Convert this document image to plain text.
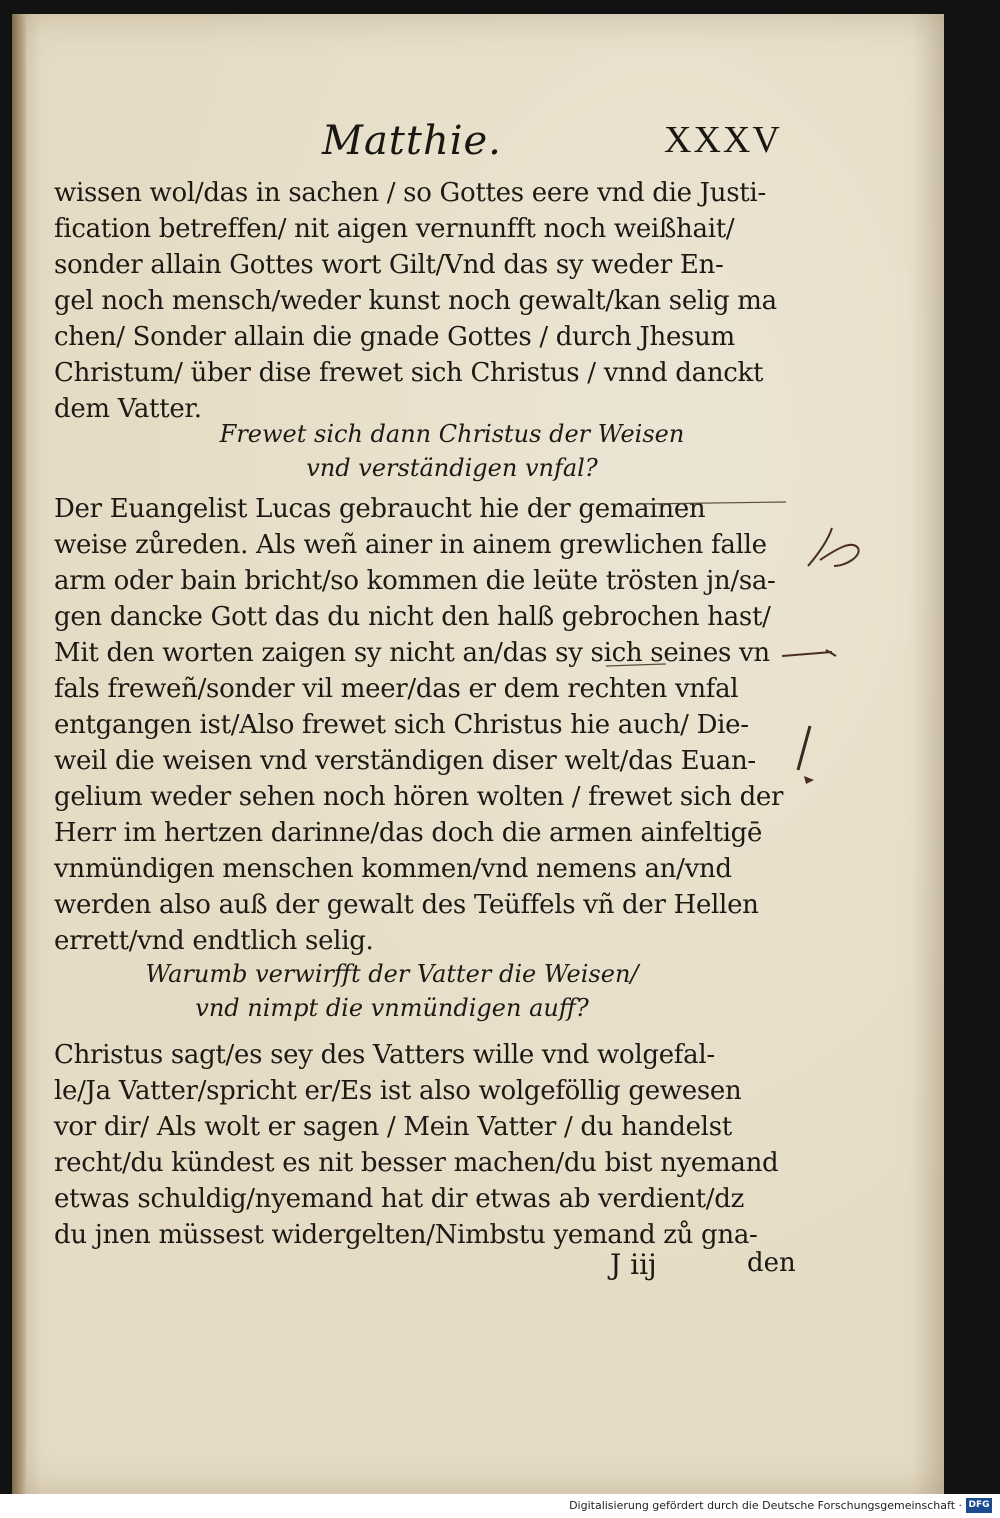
Matthie.	XXXV
wissen wol/das in sachen / so Gottes eere vnd die Justi-
fication betreffen/ nit aigen vernunfft noch weißhait/
sonder allain Gottes wort Gilt/Vnd das sy weder En-
gel noch mensch/weder kunst noch gewalt/kan selig ma
chen/ Sonder allain die gnade Gottes / durch Jhesum
Christum/ über dise frewet sich Christus / vnnd danckt
dem Vatter.
Frewet sich dann Christus der Weisen
vnd verständigen vnfal?
Der Euangelist Lucas gebraucht hie der gemainen
weise zůreden. Als weñ ainer in ainem grewlichen falle
arm oder bain bricht/so kommen die leüte trösten jn/sa-
gen dancke Gott das du nicht den halß gebrochen hast/
Mit den worten zaigen sy nicht an/das sy sich seines vn
fals freweñ/sonder vil meer/das er dem rechten vnfal
entgangen ist/Also frewet sich Christus hie auch/ Die-
weil die weisen vnd verständigen diser welt/das Euan-
gelium weder sehen noch hören wolten / frewet sich der
Herr im hertzen darinne/das doch die armen ainfeltigē
vnmündigen menschen kommen/vnd nemens an/vnd
werden also auß der gewalt des Teüffels vñ der Hellen
errett/vnd endtlich selig.
Warumb verwirfft der Vatter die Weisen/
vnd nimpt die vnmündigen auff?
Christus sagt/es sey des Vatters wille vnd wolgefal-
le/Ja Vatter/spricht er/Es ist also wolgeföllig gewesen
vor dir/ Als wolt er sagen / Mein Vatter / du handelst
recht/du kündest es nit besser machen/du bist nyemand
etwas schuldig/nyemand hat dir etwas ab verdient/dz
du jnen müssest widergelten/Nimbstu yemand zů gna-
J iij	den
Digitalisierung gefördert durch die Deutsche Forschungsgemeinschaft · DFG
